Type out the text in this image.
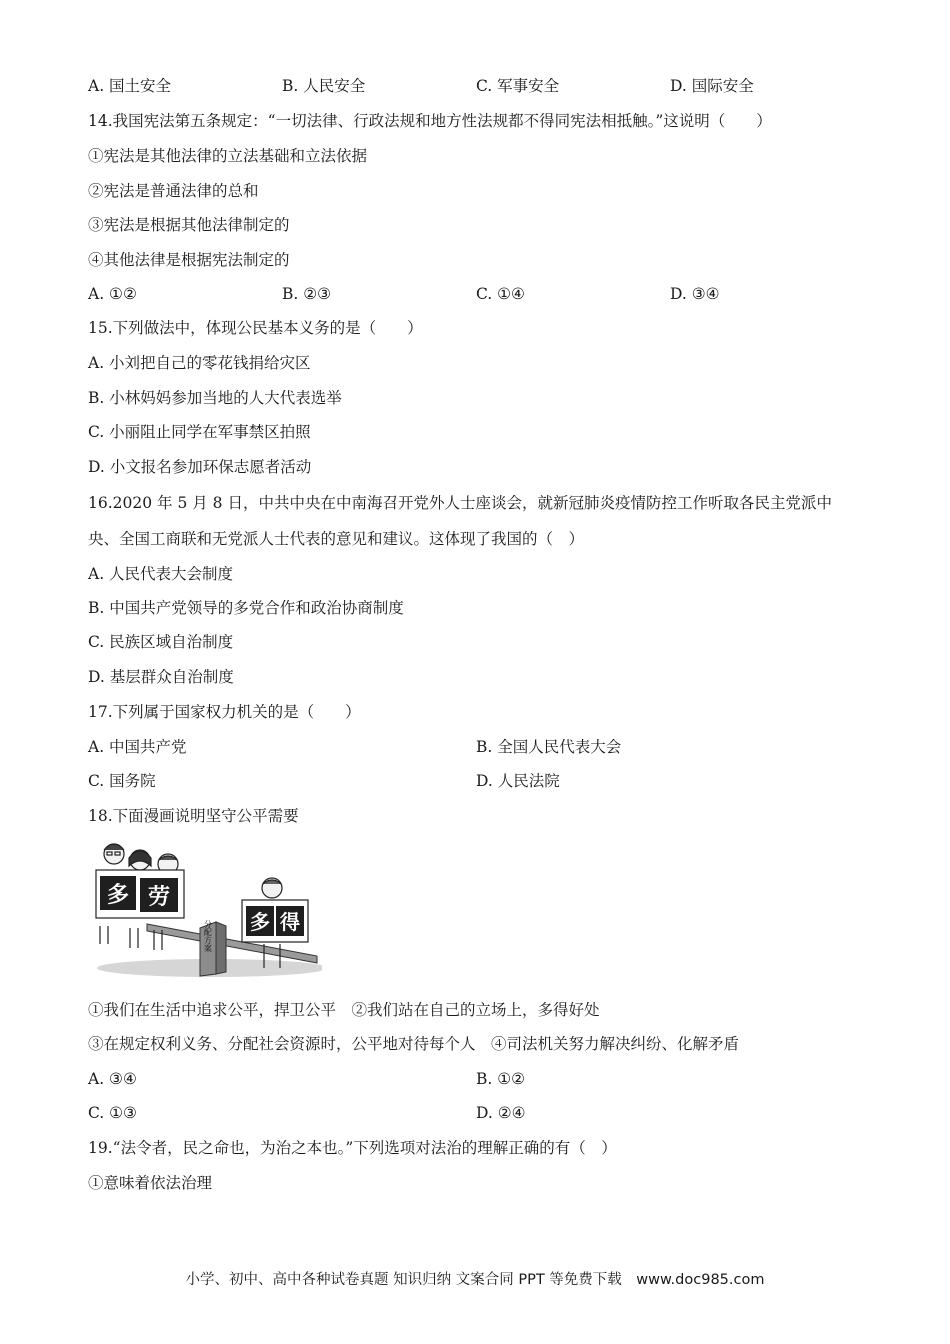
A. 国土安全	B. 人民安全	C. 军事安全	D. 国际安全
14.我国宪法第五条规定：“一切法律、行政法规和地方性法规都不得同宪法相抵触。”这说明（　　）
①宪法是其他法律的立法基础和立法依据
②宪法是普通法律的总和
③宪法是根据其他法律制定的
④其他法律是根据宪法制定的
A. ①②	B. ②③	C. ①④	D. ③④
15.下列做法中，体现公民基本义务的是（　　）
A. 小刘把自己的零花钱捐给灾区
B. 小林妈妈参加当地的人大代表选举
C. 小丽阻止同学在军事禁区拍照
D. 小文报名参加环保志愿者活动
16.2020 年 5 月 8 日，中共中央在中南海召开党外人士座谈会，就新冠肺炎疫情防控工作听取各民主党派中
央、全国工商联和无党派人士代表的意见和建议。这体现了我国的（　）
A. 人民代表大会制度
B. 中国共产党领导的多党合作和政治协商制度
C. 民族区域自治制度
D. 基层群众自治制度
17.下列属于国家权力机关的是（　　）
A. 中国共产党	B. 全国人民代表大会
C. 国务院	D. 人民法院
18.下面漫画说明坚守公平需要
分配方案
多 劳
多 得
①我们在生活中追求公平，捍卫公平　②我们站在自己的立场上，多得好处
③在规定权利义务、分配社会资源时，公平地对待每个人　④司法机关努力解决纠纷、化解矛盾
A. ③④	B. ①②
C. ①③	D. ②④
19.“法令者，民之命也，为治之本也。”下列选项对法治的理解正确的有（　）
①意味着依法治理
小学、初中、高中各种试卷真题 知识归纳 文案合同 PPT 等免费下载　www.doc985.com
